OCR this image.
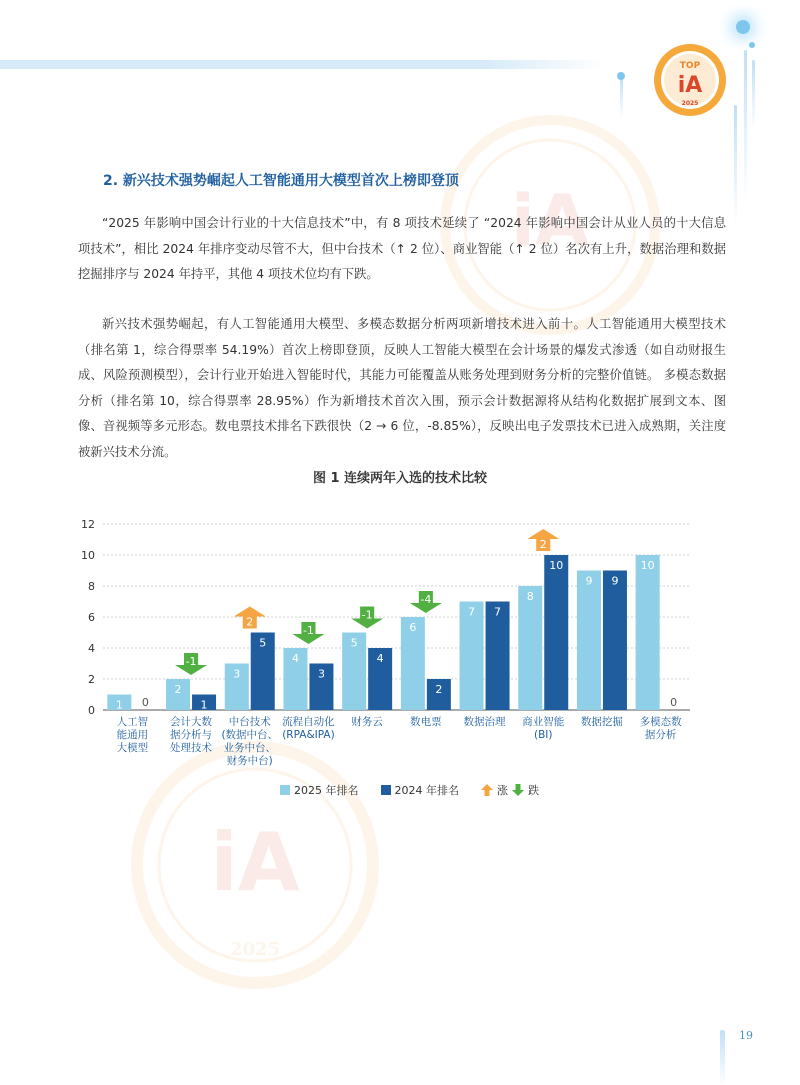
TOP
iA
2025
iA
iA
2025
2. 新兴技术强势崛起人工智能通用大模型首次上榜即登顶
“2025 年影响中国会计行业的十大信息技术”中，有 8 项技术延续了 “2024 年影响中国会计从业人员的十大信息项技术”，相比 2024 年排序变动尽管不大，但中台技术（↑ 2 位）、商业智能（↑ 2 位）名次有上升，数据治理和数据挖掘排序与 2024 年持平，其他 4 项技术位均有下跌。
新兴技术强势崛起，有人工智能通用大模型、多模态数据分析两项新增技术进入前十。人工智能通用大模型技术（排名第 1，综合得票率 54.19%）首次上榜即登顶，反映人工智能大模型在会计场景的爆发式渗透（如自动财报生成、风险预测模型），会计行业开始进入智能时代，其能力可能覆盖从账务处理到财务分析的完整价值链。 多模态数据分析（排名第 10，综合得票率 28.95%）作为新增技术首次入围，预示会计数据源将从结构化数据扩展到文本、图像、音视频等多元形态。数电票技术排名下跌很快（2 → 6 位，-8.85%），反映出电子发票技术已进入成熟期，关注度被新兴技术分流。
图 1 连续两年入选的技术比较
0
2
4
6
8
10
12
1 0
人工智
能通用
大模型
2
1
-1
会计大数
据分析与
处理技术
3
5
2
中台技术
(数据中台、
业务中台、
财务中台)
4
3
-1
流程自动化
(RPA&IPA)
5
4
-1
财务云
6
2
-4
数电票
7 7
数据治理
8
10
2
商业智能
(BI)
9 9
数据挖掘
10
0
多模态数
据分析
2025 年排名	2024 年排名	涨 跌
19
